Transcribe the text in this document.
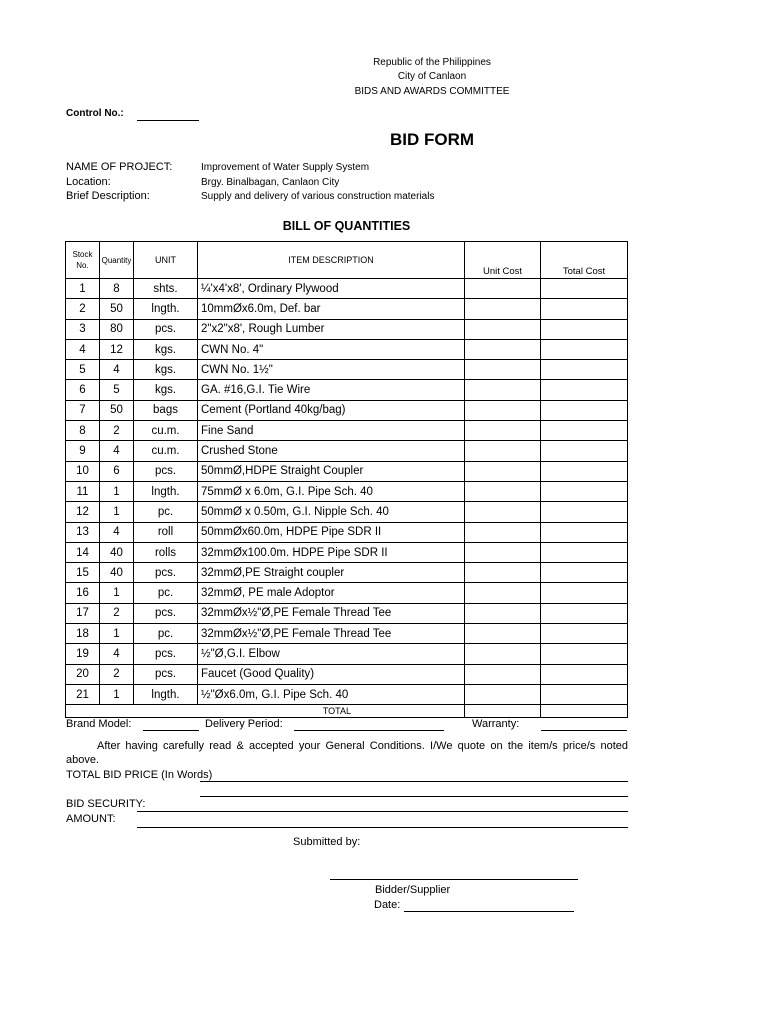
Republic of the Philippines
City of Canlaon
BIDS AND AWARDS COMMITTEE
Control No.:
BID FORM
NAME OF PROJECT:	Improvement of Water Supply System
Location:	Brgy. Binalbagan, Canlaon City
Brief Description:	Supply and delivery of various construction materials
BILL OF QUANTITIES
Stock No.	Quantity	UNIT	ITEM DESCRIPTION	Unit Cost	Total Cost
1	8	shts.	¼'x4'x8', Ordinary Plywood		
2	50	lngth.	10mmØx6.0m, Def. bar		
3	80	pcs.	2"x2"x8', Rough Lumber		
4	12	kgs.	CWN No. 4"		
5	4	kgs.	CWN No. 1½"		
6	5	kgs.	GA. #16,G.I. Tie Wire		
7	50	bags	Cement (Portland 40kg/bag)		
8	2	cu.m.	Fine Sand		
9	4	cu.m.	Crushed Stone		
10	6	pcs.	50mmØ,HDPE Straight Coupler		
11	1	lngth.	75mmØ x 6.0m, G.I. Pipe Sch. 40		
12	1	pc.	50mmØ x 0.50m, G.I. Nipple Sch. 40		
13	4	roll	50mmØx60.0m, HDPE Pipe SDR II		
14	40	rolls	32mmØx100.0m. HDPE Pipe SDR II		
15	40	pcs.	32mmØ,PE Straight coupler		
16	1	pc.	32mmØ, PE male Adoptor		
17	2	pcs.	32mmØx½"Ø,PE Female Thread Tee		
18	1	pc.	32mmØx½"Ø,PE Female Thread Tee		
19	4	pcs.	½"Ø,G.I. Elbow		
20	2	pcs.	Faucet (Good Quality)		
21	1	lngth.	½"Øx6.0m, G.I. Pipe Sch. 40		
TOTAL					
Brand Model:	Delivery Period:	Warranty:
After having carefully read & accepted your General Conditions. I/We quote on the item/s price/s noted above.
TOTAL BID PRICE (In Words)
BID SECURITY:
AMOUNT:
Submitted by:
Bidder/Supplier
Date:
